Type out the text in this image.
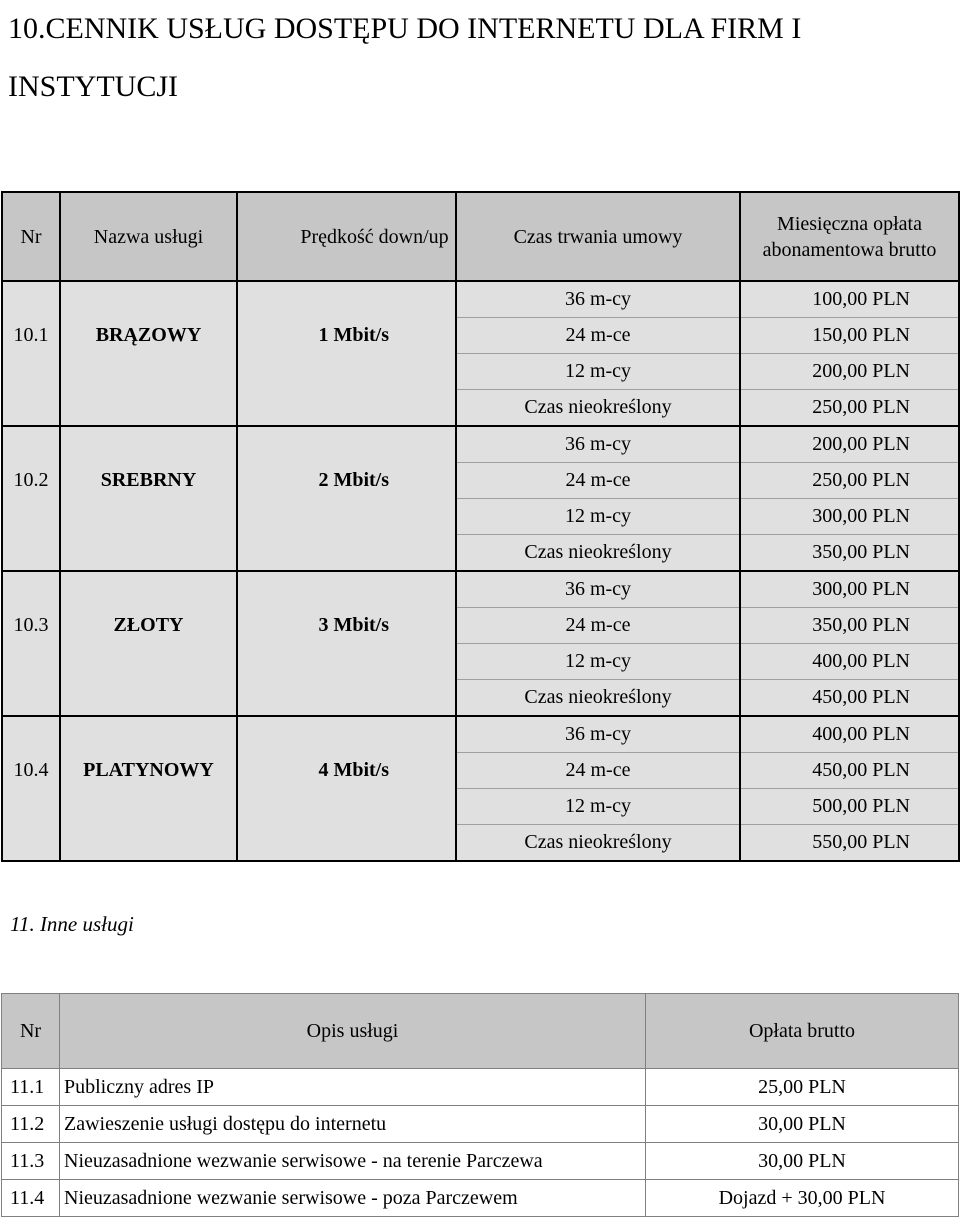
10.CENNIK USŁUG DOSTĘPU DO INTERNETU DLA FIRM I INSTYTUCJI
Nr	Nazwa usługi	Prędkość down/up	Czas trwania umowy	Miesięczna opłata abonamentowa brutto
			36 m-cy	100,00 PLN
10.1	BRĄZOWY	1 Mbit/s	24 m-ce	150,00 PLN
			12 m-cy	200,00 PLN
			Czas nieokreślony	250,00 PLN
			36 m-cy	200,00 PLN
10.2	SREBRNY	2 Mbit/s	24 m-ce	250,00 PLN
			12 m-cy	300,00 PLN
			Czas nieokreślony	350,00 PLN
			36 m-cy	300,00 PLN
10.3	ZŁOTY	3 Mbit/s	24 m-ce	350,00 PLN
			12 m-cy	400,00 PLN
			Czas nieokreślony	450,00 PLN
			36 m-cy	400,00 PLN
10.4	PLATYNOWY	4 Mbit/s	24 m-ce	450,00 PLN
			12 m-cy	500,00 PLN
			Czas nieokreślony	550,00 PLN
11. Inne usługi
Nr	Opis usługi	Opłata brutto
11.1	Publiczny adres IP	25,00 PLN
11.2	Zawieszenie usługi dostępu do internetu	30,00 PLN
11.3	Nieuzasadnione wezwanie serwisowe - na terenie Parczewa	30,00 PLN
11.4	Nieuzasadnione wezwanie serwisowe - poza Parczewem	Dojazd + 30,00 PLN
